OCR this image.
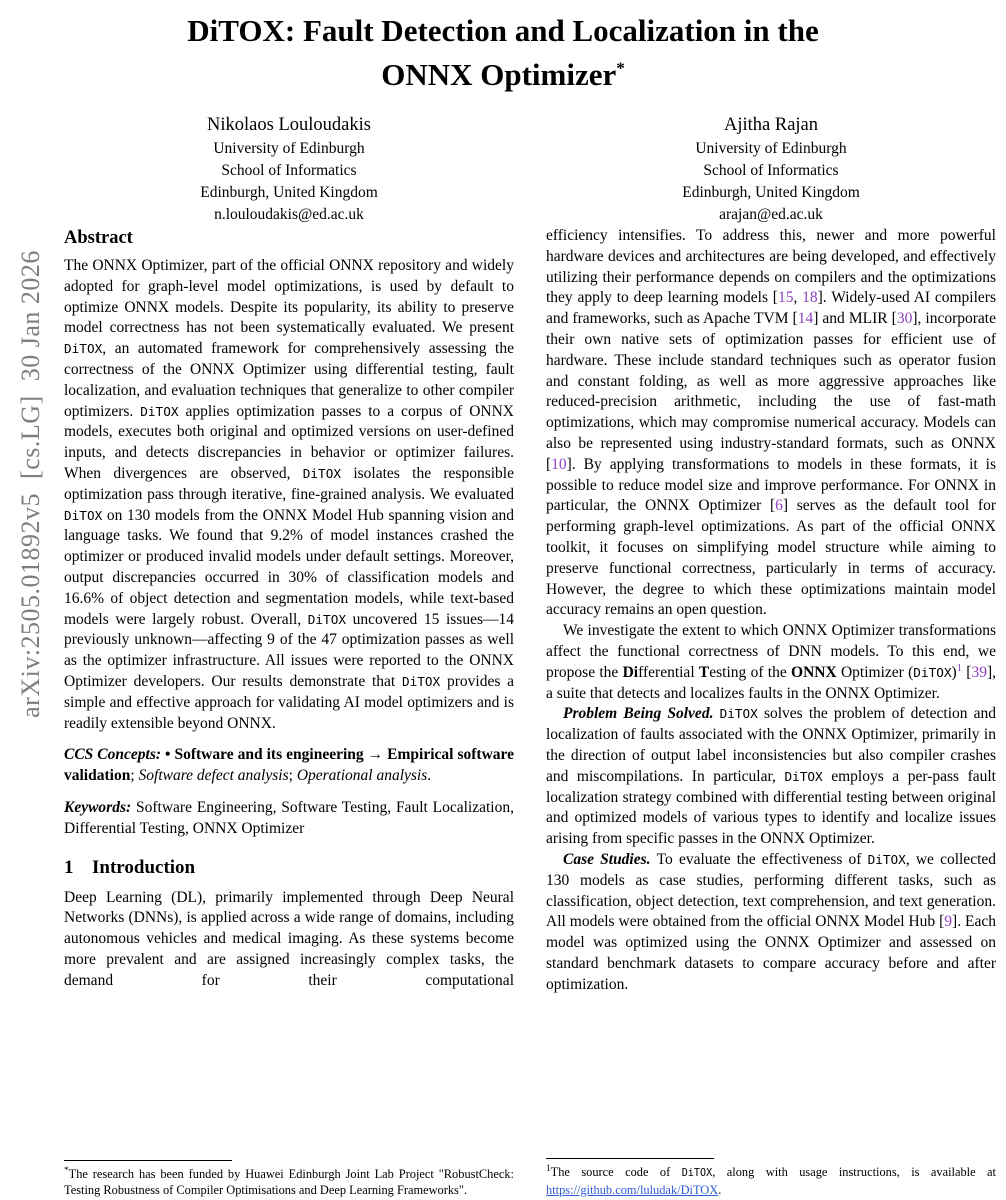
arXiv:2505.01892v5  [cs.LG]  30 Jan 2026
DiTOX: Fault Detection and Localization in the
ONNX Optimizer*
Nikolaos Louloudakis
University of Edinburgh
School of Informatics
Edinburgh, United Kingdom
n.louloudakis@ed.ac.uk
Ajitha Rajan
University of Edinburgh
School of Informatics
Edinburgh, United Kingdom
arajan@ed.ac.uk
Abstract

The ONNX Optimizer, part of the official ONNX repository and widely adopted for graph-level model optimizations, is used by default to optimize ONNX models. Despite its popularity, its ability to preserve model correctness has not been systematically evaluated. We present DiTOX, an automated framework for comprehensively assessing the correctness of the ONNX Optimizer using differential testing, fault localization, and evaluation techniques that generalize to other compiler optimizers. DiTOX applies optimization passes to a corpus of ONNX models, executes both original and optimized versions on user-defined inputs, and detects discrepancies in behavior or optimizer failures. When divergences are observed, DiTOX isolates the responsible optimization pass through iterative, fine-grained analysis. We evaluated DiTOX on 130 models from the ONNX Model Hub spanning vision and language tasks. We found that 9.2% of model instances crashed the optimizer or produced invalid models under default settings. Moreover, output discrepancies occurred in 30% of classification models and 16.6% of object detection and segmentation models, while text-based models were largely robust. Overall, DiTOX uncovered 15 issues—14 previously unknown—affecting 9 of the 47 optimization passes as well as the optimizer infrastructure. All issues were reported to the ONNX Optimizer developers. Our results demonstrate that DiTOX provides a simple and effective approach for validating AI model optimizers and is readily extensible beyond ONNX.

CCS Concepts: • Software and its engineering → Empirical software validation; Software defect analysis; Operational analysis.

Keywords: Software Engineering, Software Testing, Fault Localization, Differential Testing, ONNX Optimizer

1 Introduction

Deep Learning (DL), primarily implemented through Deep Neural Networks (DNNs), is applied across a wide range of domains, including autonomous vehicles and medical imaging. As these systems become more prevalent and are assigned increasingly complex tasks, the demand for their computational

*The research has been funded by Huawei Edinburgh Joint Lab Project "RobustCheck: Testing Robustness of Compiler Optimisations and Deep Learning Frameworks".

efficiency intensifies. To address this, newer and more powerful hardware devices and architectures are being developed, and effectively utilizing their performance depends on compilers and the optimizations they apply to deep learning models [15, 18]. Widely-used AI compilers and frameworks, such as Apache TVM [14] and MLIR [30], incorporate their own native sets of optimization passes for efficient use of hardware. These include standard techniques such as operator fusion and constant folding, as well as more aggressive approaches like reduced-precision arithmetic, including the use of fast-math optimizations, which may compromise numerical accuracy. Models can also be represented using industry-standard formats, such as ONNX [10]. By applying transformations to models in these formats, it is possible to reduce model size and improve performance. For ONNX in particular, the ONNX Optimizer [6] serves as the default tool for performing graph-level optimizations. As part of the official ONNX toolkit, it focuses on simplifying model structure while aiming to preserve functional correctness, particularly in terms of accuracy. However, the degree to which these optimizations maintain model accuracy remains an open question.

We investigate the extent to which ONNX Optimizer transformations affect the functional correctness of DNN models. To this end, we propose the Differential Testing of the ONNX Optimizer (DiTOX)$^1$ [39], a suite that detects and localizes faults in the ONNX Optimizer.

Problem Being Solved. DiTOX solves the problem of detection and localization of faults associated with the ONNX Optimizer, primarily in the direction of output label inconsistencies but also compiler crashes and miscompilations. In particular, DiTOX employs a per-pass fault localization strategy combined with differential testing between original and optimized models of various types to identify and localize issues arising from specific passes in the ONNX Optimizer.

Case Studies. To evaluate the effectiveness of DiTOX, we collected 130 models as case studies, performing different tasks, such as classification, object detection, text comprehension, and text generation. All models were obtained from the official ONNX Model Hub [9]. Each model was optimized using the ONNX Optimizer and assessed on standard benchmark datasets to compare accuracy before and after optimization.

$^1$The source code of DiTOX, along with usage instructions, is available at https://github.com/luludak/DiTOX.
